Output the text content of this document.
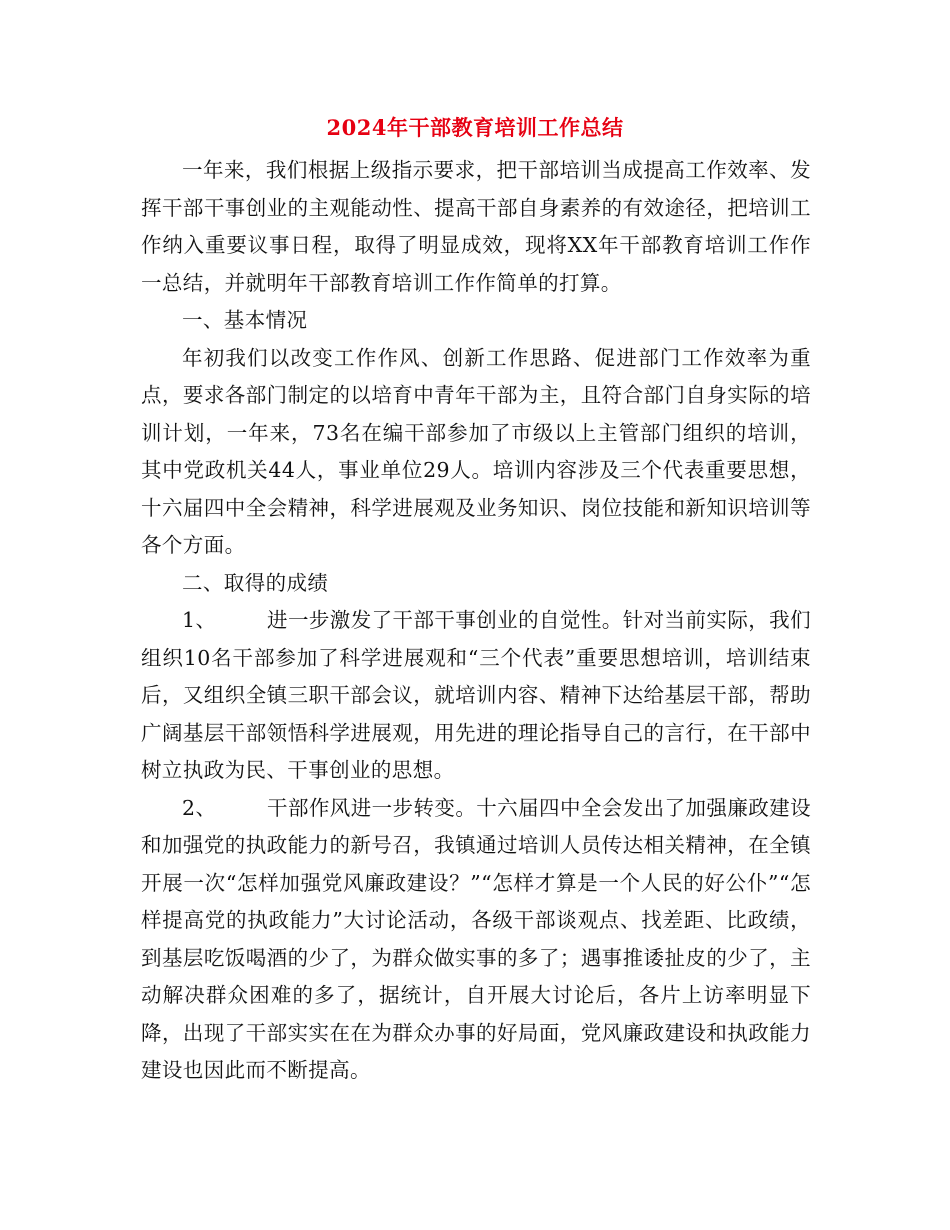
2024年干部教育培训工作总结

一年来，我们根据上级指示要求，把干部培训当成提高工作效率、发挥干部干事创业的主观能动性、提高干部自身素养的有效途径，把培训工作纳入重要议事日程，取得了明显成效，现将XX年干部教育培训工作作一总结，并就明年干部教育培训工作作简单的打算。

一、基本情况

年初我们以改变工作作风、创新工作思路、促进部门工作效率为重点，要求各部门制定的以培育中青年干部为主，且符合部门自身实际的培训计划，一年来，73名在编干部参加了市级以上主管部门组织的培训，其中党政机关44人，事业单位29人。培训内容涉及三个代表重要思想，十六届四中全会精神，科学进展观及业务知识、岗位技能和新知识培训等各个方面。

二、取得的成绩

1、 进一步激发了干部干事创业的自觉性。针对当前实际，我们组织10名干部参加了科学进展观和“三个代表”重要思想培训，培训结束后，又组织全镇三职干部会议，就培训内容、精神下达给基层干部，帮助广阔基层干部领悟科学进展观，用先进的理论指导自己的言行，在干部中树立执政为民、干事创业的思想。

2、 干部作风进一步转变。十六届四中全会发出了加强廉政建设和加强党的执政能力的新号召，我镇通过培训人员传达相关精神，在全镇开展一次“怎样加强党风廉政建设？”“怎样才算是一个人民的好公仆”“怎样提高党的执政能力”大讨论活动，各级干部谈观点、找差距、比政绩，到基层吃饭喝酒的少了，为群众做实事的多了；遇事推诿扯皮的少了，主动解决群众困难的多了，据统计，自开展大讨论后，各片上访率明显下降，出现了干部实实在在为群众办事的好局面，党风廉政建设和执政能力建设也因此而不断提高。
